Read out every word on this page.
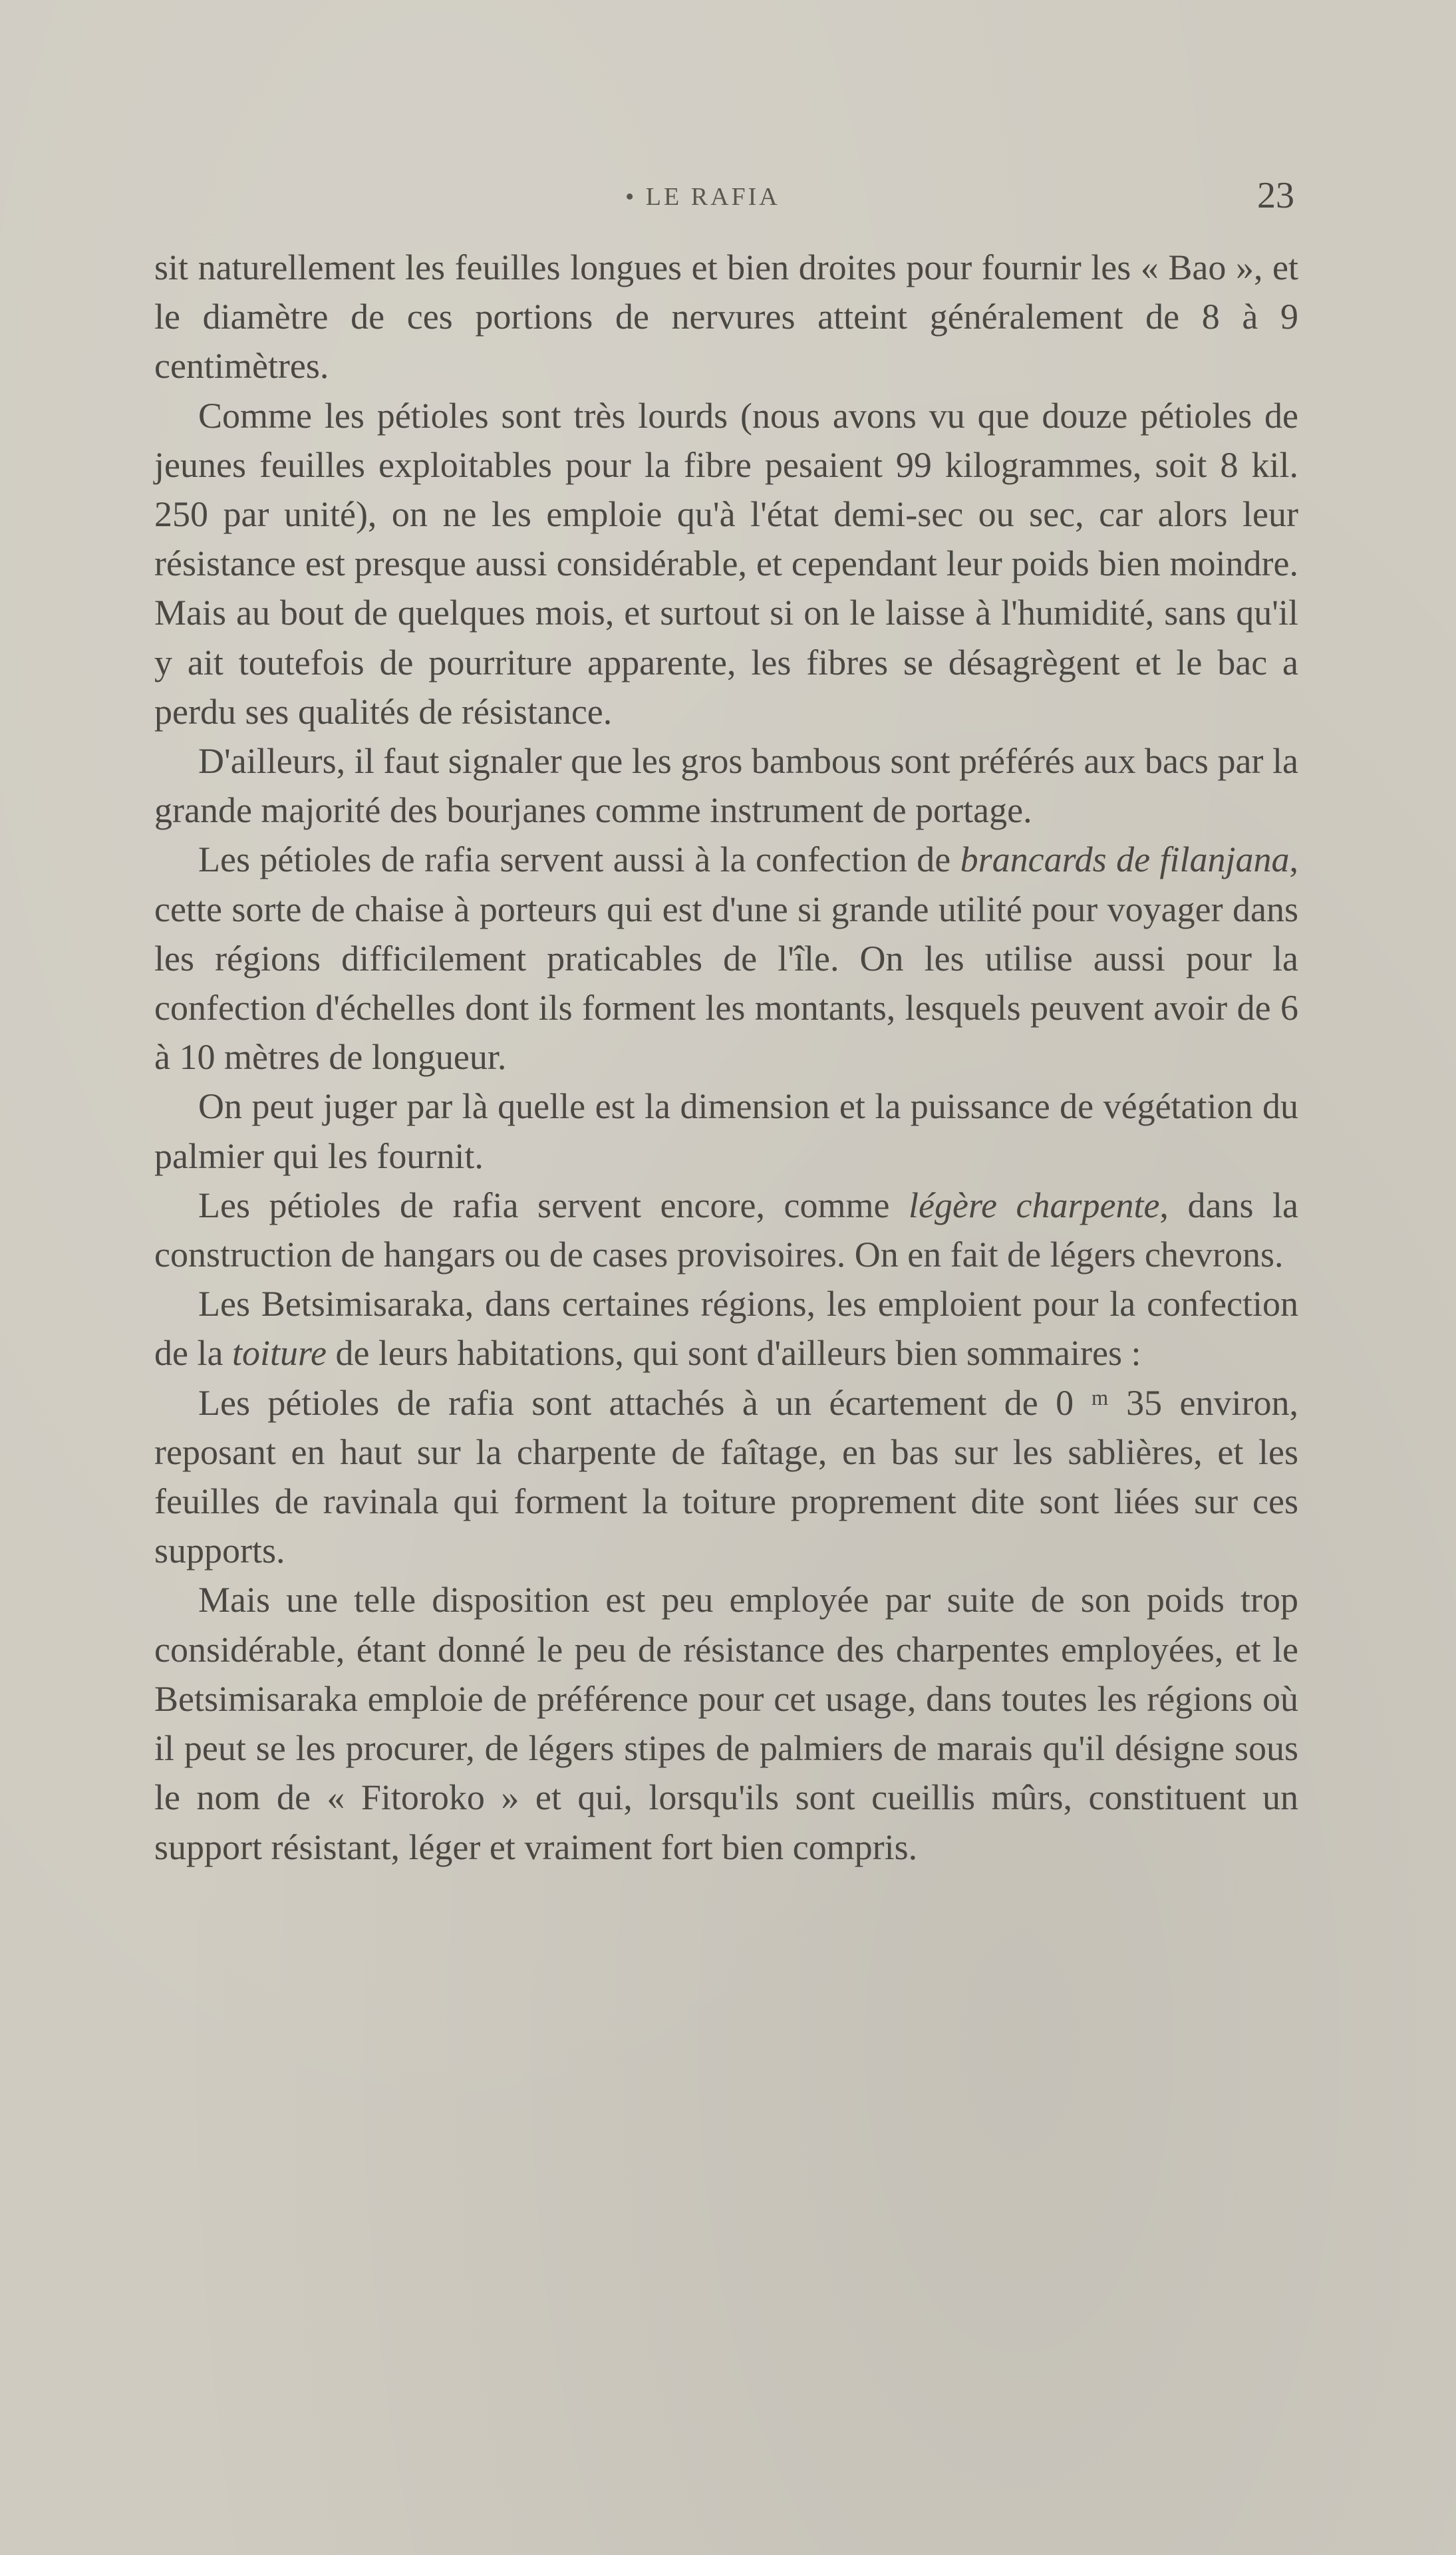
• LE RAFIA	23

sit naturellement les feuilles longues et bien droites pour fournir les « Bao », et le diamètre de ces portions de nervures atteint généralement de 8 à 9 centimètres.

Comme les pétioles sont très lourds (nous avons vu que douze pétioles de jeunes feuilles exploitables pour la fibre pesaient 99 kilogrammes, soit 8 kil. 250 par unité), on ne les emploie qu'à l'état demi-sec ou sec, car alors leur résistance est presque aussi considérable, et cependant leur poids bien moindre. Mais au bout de quelques mois, et surtout si on le laisse à l'humidité, sans qu'il y ait toutefois de pourriture apparente, les fibres se désagrègent et le bac a perdu ses qualités de résistance.

D'ailleurs, il faut signaler que les gros bambous sont préférés aux bacs par la grande majorité des bourjanes comme instrument de portage.

Les pétioles de rafia servent aussi à la confection de brancards de filanjana, cette sorte de chaise à porteurs qui est d'une si grande utilité pour voyager dans les régions difficilement praticables de l'île. On les utilise aussi pour la confection d'échelles dont ils forment les montants, lesquels peuvent avoir de 6 à 10 mètres de longueur.

On peut juger par là quelle est la dimension et la puissance de végétation du palmier qui les fournit.

Les pétioles de rafia servent encore, comme légère charpente, dans la construction de hangars ou de cases provisoires. On en fait de légers chevrons.

Les Betsimisaraka, dans certaines régions, les emploient pour la confection de la toiture de leurs habitations, qui sont d'ailleurs bien sommaires :

Les pétioles de rafia sont attachés à un écartement de 0 ᵐ 35 environ, reposant en haut sur la charpente de faîtage, en bas sur les sablières, et les feuilles de ravinala qui forment la toiture proprement dite sont liées sur ces supports.

Mais une telle disposition est peu employée par suite de son poids trop considérable, étant donné le peu de résistance des charpentes employées, et le Betsimisaraka emploie de préférence pour cet usage, dans toutes les régions où il peut se les procurer, de légers stipes de palmiers de marais qu'il désigne sous le nom de « Fitoroko » et qui, lorsqu'ils sont cueillis mûrs, constituent un support résistant, léger et vraiment fort bien compris.
